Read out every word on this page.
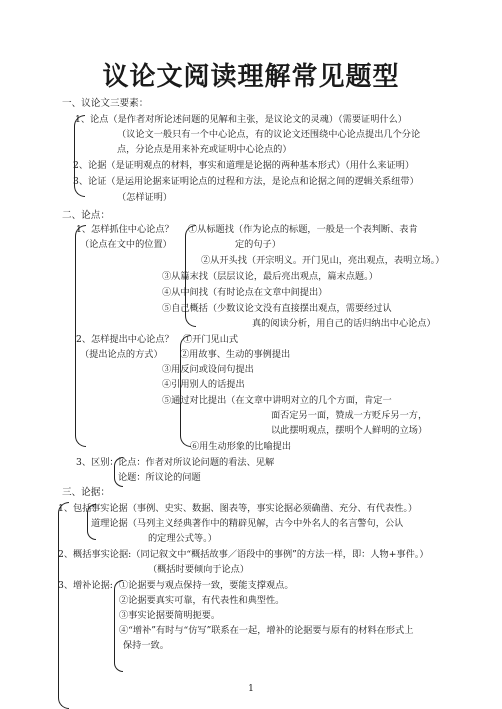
议论文阅读理解常见题型
一、议论文三要素：
1、论点（是作者对所论述问题的见解和主张，是议论文的灵魂）（需要证明什么）
（议论文一般只有一个中心论点，有的议论文还围绕中心论点提出几个分论
点，分论点是用来补充或证明中心论点的）
2、论据（是证明观点的材料，事实和道理是论据的两种基本形式）（用什么来证明）
3、论证（是运用论据来证明论点的过程和方法，是论点和论据之间的逻辑关系纽带）
（怎样证明）
二、论点：
1、怎样抓住中心论点？
（论点在文中的位置）
①从标题找（作为论点的标题，一般是一个表判断、表肯
定的句子）
②从开头找（开宗明义。开门见山，亮出观点，表明立场。）
③从篇末找（层层议论，最后亮出观点，篇末点题。）
④从中间找（有时论点在文章中间提出）
⑤自己概括（少数议论文没有直接摆出观点，需要经过认
真的阅读分析，用自己的话归纳出中心论点）
2、怎样提出中心论点？
（提出论点的方式）
①开门见山式
②用故事、生动的事例提出
③用反问或设问句提出
④引用别人的话提出
⑤通过对比提出（在文章中讲明对立的几个方面，肯定一
面否定另一面，赞成一方贬斥另一方，
以此摆明观点，摆明个人鲜明的立场）
⑥用生动形象的比喻提出
3、区别： 论点：作者对所议论问题的看法、见解
论题：所议论的问题
三、论据：
1、包括：
事实论据（事例、史实、数据、图表等，事实论据必须确凿、充分、有代表性。）
道理论据（马列主义经典著作中的精辟见解，古今中外名人的名言警句，公认
的定理公式等。）
2、概括事实论据:（同记叙文中“概括故事／语段中的事例”的方法一样，即：人物+事件。）
（概括时要倾向于论点）
3、增补论据: ①论据要与观点保持一致，要能支撑观点。
②论据要真实可靠，有代表性和典型性。
③事实论据要简明扼要。
④“增补”有时与“仿写”联系在一起，增补的论据要与原有的材料在形式上
保持一致。
1
